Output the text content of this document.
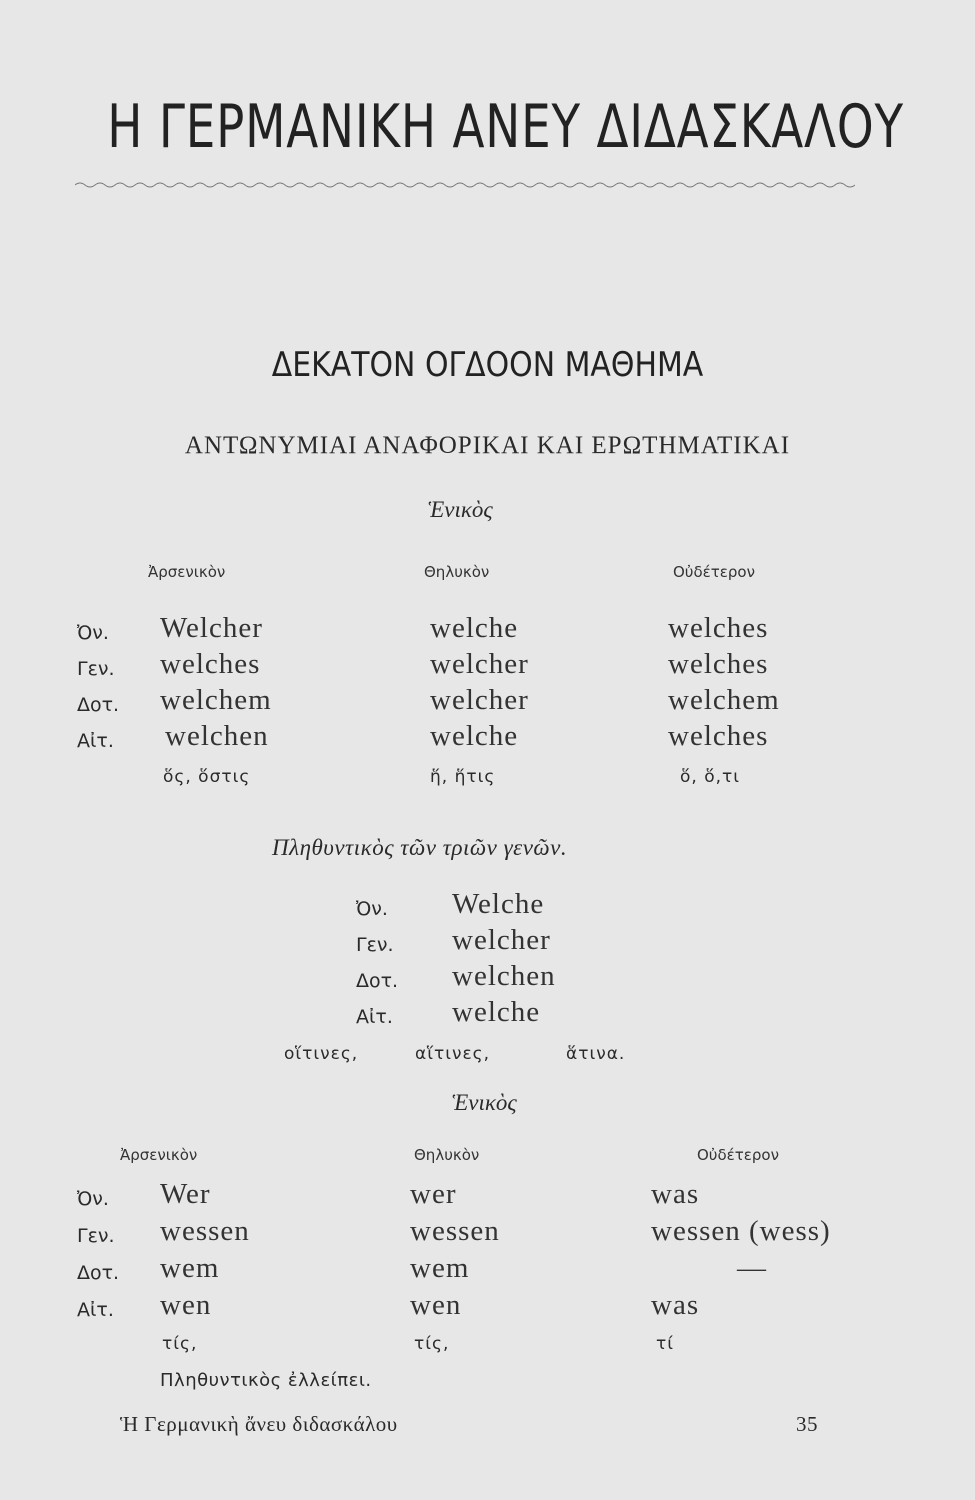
Η ΓΕΡΜΑΝΙΚΗ ΑΝΕΥ ΔΙΔΑΣΚΑΛΟΥ
ΔΕΚΑΤΟΝ ΟΓΔΟΟΝ ΜΑΘΗΜΑ
ΑΝΤΩΝΥΜΙΑΙ ΑΝΑΦΟΡΙΚΑΙ ΚΑΙ ΕΡΩΤΗΜΑΤΙΚΑΙ
Ἑνικὸς
Ἀρσενικὸν	Θηλυκὸν	Οὐδέτερον
Ὀν. Welcher	welche	welches
Γεν. welches	welcher	welches
Δοτ. welchem	welcher	welchem
Αἰτ. welchen	welche	welches
ὅς, ὅστις	ἥ, ἥτις	ὅ, ὅ,τι
Πληθυντικὸς τῶν τριῶν γενῶν.
Ὀν. Welche
Γεν. welcher
Δοτ. welchen
Αἰτ. welche
οἵτινες,	αἵτινες,	ἅτινα.
Ἑνικὸς
Ἀρσενικὸν	Θηλυκὸν	Οὐδέτερον
Ὀν. Wer	wer	was
Γεν. wessen	wessen	wessen (wess)
Δοτ. wem	wem	—
Αἰτ. wen	wen	was
τίς,	τίς,	τί
Πληθυντικὸς ἐλλείπει.
Ἡ Γερμανικὴ ἄνευ διδασκάλου	35
